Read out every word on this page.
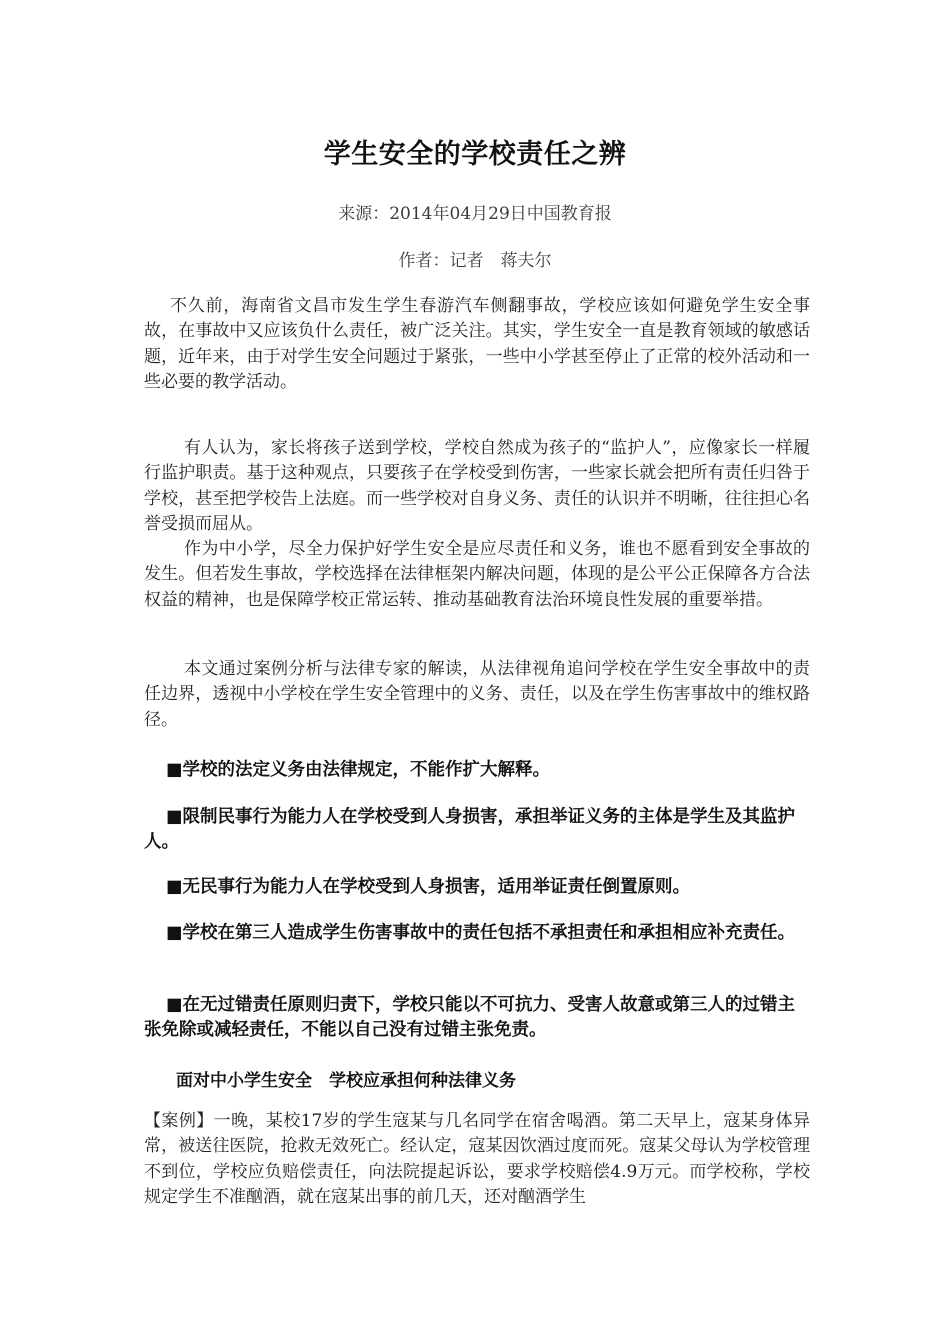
学生安全的学校责任之辨
来源：2014年04月29日中国教育报
作者：记者　蒋夫尔
不久前，海南省文昌市发生学生春游汽车侧翻事故，学校应该如何避免学生安全事故，在事故中又应该负什么责任，被广泛关注。其实，学生安全一直是教育领域的敏感话题，近年来，由于对学生安全问题过于紧张，一些中小学甚至停止了正常的校外活动和一些必要的教学活动。
有人认为，家长将孩子送到学校，学校自然成为孩子的“监护人”，应像家长一样履行监护职责。基于这种观点，只要孩子在学校受到伤害，一些家长就会把所有责任归咎于学校，甚至把学校告上法庭。而一些学校对自身义务、责任的认识并不明晰，往往担心名誉受损而屈从。
作为中小学，尽全力保护好学生安全是应尽责任和义务，谁也不愿看到安全事故的发生。但若发生事故，学校选择在法律框架内解决问题，体现的是公平公正保障各方合法权益的精神，也是保障学校正常运转、推动基础教育法治环境良性发展的重要举措。
本文通过案例分析与法律专家的解读，从法律视角追问学校在学生安全事故中的责任边界，透视中小学校在学生安全管理中的义务、责任，以及在学生伤害事故中的维权路径。
■学校的法定义务由法律规定，不能作扩大解释。
■限制民事行为能力人在学校受到人身损害，承担举证义务的主体是学生及其监护人。
■无民事行为能力人在学校受到人身损害，适用举证责任倒置原则。
■学校在第三人造成学生伤害事故中的责任包括不承担责任和承担相应补充责任。
■在无过错责任原则归责下，学校只能以不可抗力、受害人故意或第三人的过错主张免除或减轻责任，不能以自己没有过错主张免责。
面对中小学生安全　学校应承担何种法律义务
【案例】一晚，某校17岁的学生寇某与几名同学在宿舍喝酒。第二天早上，寇某身体异常，被送往医院，抢救无效死亡。经认定，寇某因饮酒过度而死。寇某父母认为学校管理不到位，学校应负赔偿责任，向法院提起诉讼，要求学校赔偿4.9万元。而学校称，学校规定学生不准酗酒，就在寇某出事的前几天，还对酗酒学生
